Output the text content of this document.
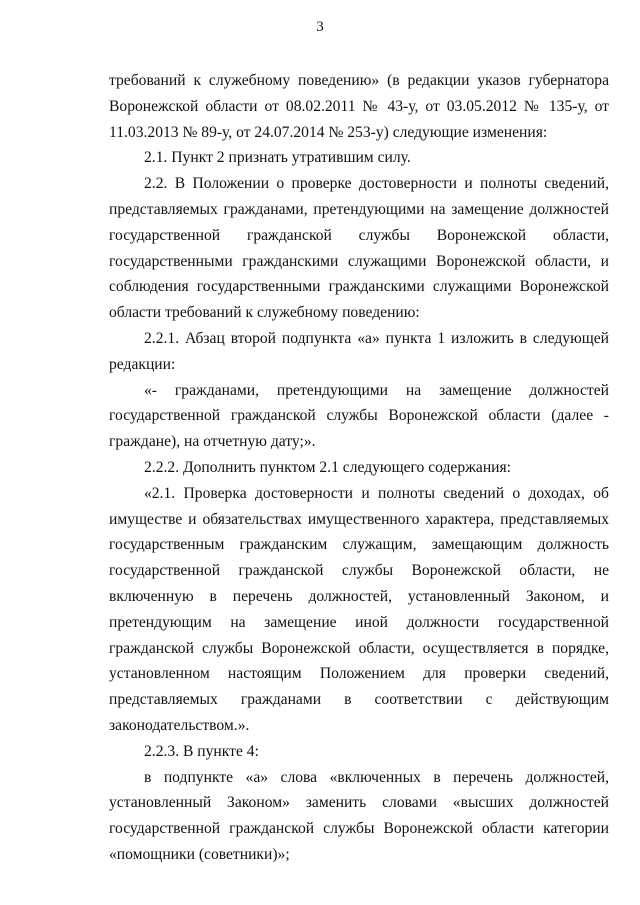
3

требований к служебному поведению» (в редакции указов губернатора Воронежской области от 08.02.2011 № 43-у, от 03.05.2012 № 135-у, от 11.03.2013 № 89-у, от 24.07.2014 № 253-у) следующие изменения:

2.1. Пункт 2 признать утратившим силу.

2.2. В Положении о проверке достоверности и полноты сведений, представляемых гражданами, претендующими на замещение должностей государственной гражданской службы Воронежской области, государственными гражданскими служащими Воронежской области, и соблюдения государственными гражданскими служащими Воронежской области требований к служебному поведению:

2.2.1. Абзац второй подпункта «а» пункта 1 изложить в следующей редакции:

«- гражданами, претендующими на замещение должностей государственной гражданской службы Воронежской области (далее - граждане), на отчетную дату;».

2.2.2. Дополнить пунктом 2.1 следующего содержания:

«2.1. Проверка достоверности и полноты сведений о доходах, об имуществе и обязательствах имущественного характера, представляемых государственным гражданским служащим, замещающим должность государственной гражданской службы Воронежской области, не включенную в перечень должностей, установленный Законом, и претендующим на замещение иной должности государственной гражданской службы Воронежской области, осуществляется в порядке, установленном настоящим Положением для проверки сведений, представляемых гражданами в соответствии с действующим законодательством.».

2.2.3. В пункте 4:

в подпункте «а» слова «включенных в перечень должностей, установленный Законом» заменить словами «высших должностей государственной гражданской службы Воронежской области категории «помощники (советники)»;
